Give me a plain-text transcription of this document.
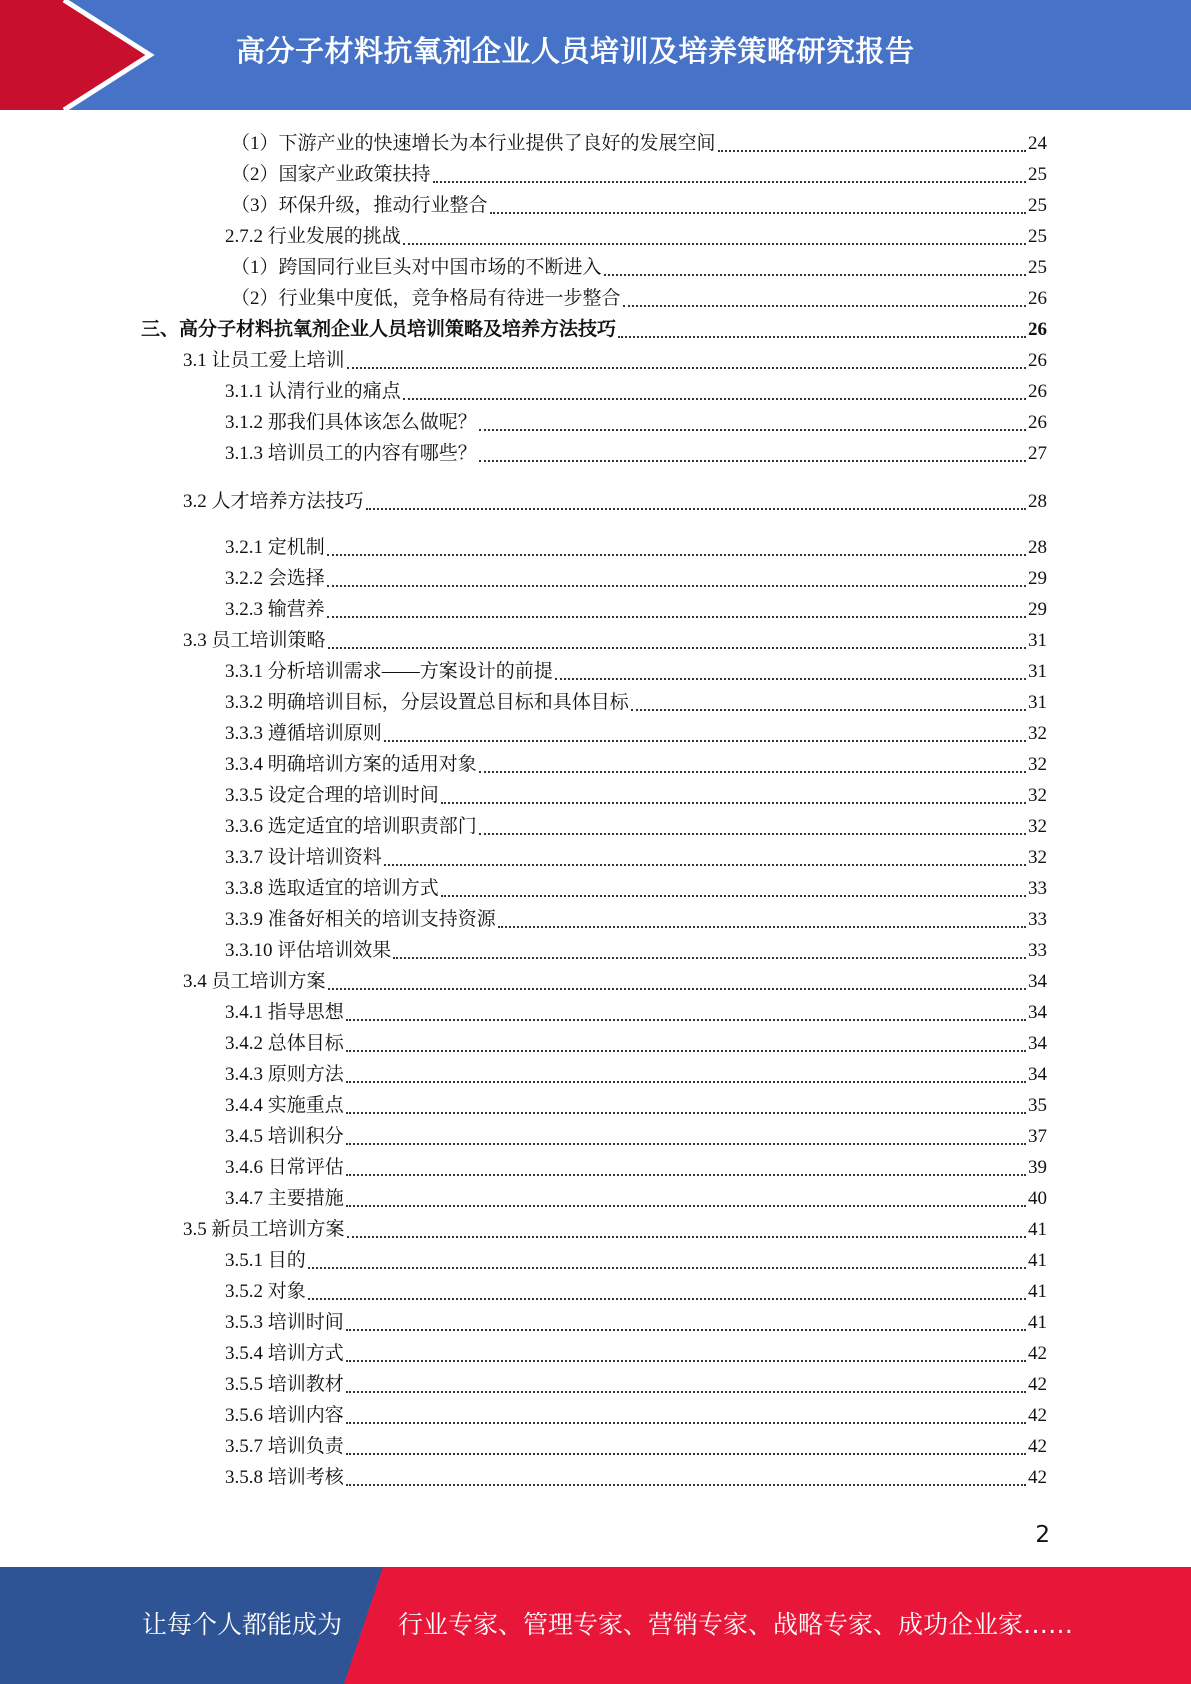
高分子材料抗氧剂企业人员培训及培养策略研究报告
（1）下游产业的快速增长为本行业提供了良好的发展空间	24
（2）国家产业政策扶持	25
（3）环保升级，推动行业整合	25
2.7.2 行业发展的挑战	25
（1）跨国同行业巨头对中国市场的不断进入	25
（2）行业集中度低，竞争格局有待进一步整合	26
三、高分子材料抗氧剂企业人员培训策略及培养方法技巧	26
3.1 让员工爱上培训	26
3.1.1 认清行业的痛点	26
3.1.2 那我们具体该怎么做呢？	26
3.1.3 培训员工的内容有哪些？	27
3.2 人才培养方法技巧	28
3.2.1 定机制	28
3.2.2 会选择	29
3.2.3 输营养	29
3.3 员工培训策略	31
3.3.1 分析培训需求——方案设计的前提	31
3.3.2 明确培训目标，分层设置总目标和具体目标	31
3.3.3 遵循培训原则	32
3.3.4 明确培训方案的适用对象	32
3.3.5 设定合理的培训时间	32
3.3.6 选定适宜的培训职责部门	32
3.3.7 设计培训资料	32
3.3.8 选取适宜的培训方式	33
3.3.9 准备好相关的培训支持资源	33
3.3.10 评估培训效果	33
3.4 员工培训方案	34
3.4.1 指导思想	34
3.4.2 总体目标	34
3.4.3 原则方法	34
3.4.4 实施重点	35
3.4.5 培训积分	37
3.4.6 日常评估	39
3.4.7 主要措施	40
3.5 新员工培训方案	41
3.5.1 目的	41
3.5.2 对象	41
3.5.3 培训时间	41
3.5.4 培训方式	42
3.5.5 培训教材	42
3.5.6 培训内容	42
3.5.7 培训负责	42
3.5.8 培训考核	42
2
让每个人都能成为 行业专家、管理专家、营销专家、战略专家、成功企业家……
